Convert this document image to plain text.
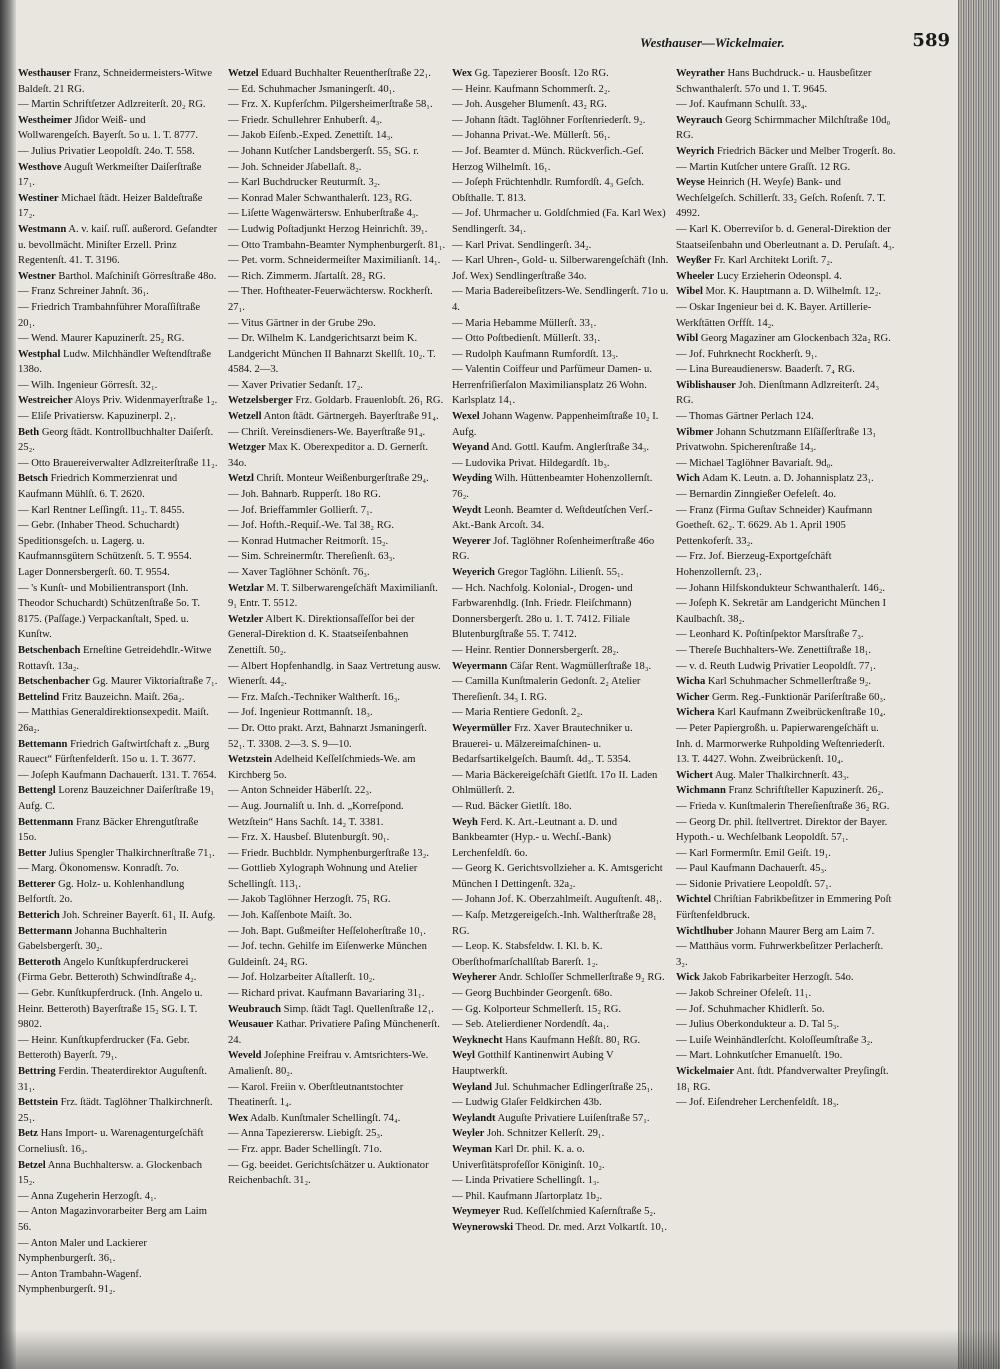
Westhauser—Wickelmaier.	589

Westhauser Franz, Schneidermeisters-Witwe Baldeſt. 21 RG.

— Martin Schriftſetzer Adlzreiterſt. 20₂ RG.

Westheimer Jſidor Weiß- und Wollwarengeſch. Bayerſt. 5o u. 1. T. 8777.

— Julius Privatier Leopoldſt. 24o. T. 558.

Westhove Auguſt Werkmeiſter Daiſerſtraße 17₁.

Westiner Michael ſtädt. Heizer Baldeſtraße 17₂.

Westmann A. v. kaiſ. ruſſ. außerord. Geſandter u. bevollmächt. Miniſter Erzell. Prinz Regentenſt. 41. T. 3196.

Westner Barthol. Maſchiniſt Görresſtraße 48o.

— Franz Schreiner Jahnſt. 36₁.

— Friedrich Trambahnführer Moraſſiſtraße 20₁.

— Wend. Maurer Kapuzinerſt. 25₂ RG.

Westphal Ludw. Milchhändler Weſtendſtraße 138o.

— Wilh. Ingenieur Görresſt. 32₁.

Westreicher Aloys Priv. Widenmayerſtraße 1₂.

— Eliſe Privatiersw. Kapuzinerpl. 2₁.

Beth Georg ſtädt. Kontrollbuchhalter Daiſerſt. 25₂.

— Otto Brauereiverwalter Adlzreiterſtraße 11₂.

Betsch Friedrich Kommerzienrat und Kaufmann Mühlſt. 6. T. 2620.

— Karl Rentner Leſſingſt. 11₂. T. 8455.

— Gebr. (Inhaber Theod. Schuchardt) Speditionsgeſch. u. Lagerg. u. Kaufmannsgütern Schützenſt. 5. T. 9554.

Lager Donnersbergerſt. 60. T. 9554.

— 's Kunſt- und Mobilientransport (Inh. Theodor Schuchardt) Schützenſtraße 5o. T. 8175. (Paſſage.) Verpackanſtalt, Sped. u. Kunſtw.

Betschenbach Erneſtine Getreidehdlr.-Witwe Rottavſt. 13a₂.

Betschenbacher Gg. Maurer Viktoriaſtraße 7₁.

Bettelind Fritz Bauzeichn. Maiſt. 26a₂.

— Matthias Generaldirektionsexpedit. Maiſt. 26a₂.

Bettemann Friedrich Gaſtwirtſchaft z. „Burg Rauect“ Fürſtenfelderſt. 15o u. 1. T. 3677.

— Joſeph Kaufmann Dachauerſt. 131. T. 7654.

Bettengl Lorenz Bauzeichner Daiſerſtraße 19₁ Aufg. C.

Bettenmann Franz Bäcker Ehrengutſtraße 15o.

Better Julius Spengler Thalkirchnerſtraße 71₁.

— Marg. Ökonomensw. Konradſt. 7o.

Betterer Gg. Holz- u. Kohlenhandlung Belfortſt. 2o.

Betterich Joh. Schreiner Bayerſt. 61₁ II. Aufg.

Bettermann Johanna Buchhalterin Gabelsbergerſt. 30₂.

Betteroth Angelo Kunſtkupferdruckerei (Firma Gebr. Betteroth) Schwindſtraße 4₂.

— Gebr. Kunſtkupferdruck. (Inh. Angelo u. Heinr. Betteroth) Bayerſtraße 15₂ SG. I. T. 9802.

— Heinr. Kunſtkupferdrucker (Fa. Gebr. Betteroth) Bayerſt. 79₁.

Bettring Ferdin. Theaterdirektor Auguſtenſt. 31₁.

Bettstein Frz. ſtädt. Taglöhner Thalkirchnerſt. 25₁.

Betz Hans Import- u. Warenagenturgeſchäft Corneliusſt. 16₃.

Betzel Anna Buchhaltersw. a. Glockenbach 15₂.

— Anna Zugeherin Herzogſt. 4₁.

— Anton Magazinvorarbeiter Berg am Laim 56.

— Anton Maler und Lackierer Nymphenburgerſt. 36₁.

— Anton Trambahn-Wagenf. Nymphenburgerſt. 91₂.

Wetzel Eduard Buchhalter Reuentherſtraße 22₁.

— Ed. Schuhmacher Jsmaningerſt. 40₁.

— Frz. X. Kupferſchm. Pilgersheimerſtraße 58₁.

— Friedr. Schullehrer Enhuberſt. 4₃.

— Jakob Eiſenb.-Exped. Zenettiſt. 14₃.

— Johann Kutſcher Landsbergerſt. 55₁ SG. r.

— Joh. Schneider Jſabellaſt. 8₂.

— Karl Buchdrucker Reuturmſt. 3₂.

— Konrad Maler Schwanthalerſt. 123₃ RG.

— Liſette Wagenwärtersw. Enhuberſtraße 4₃.

— Ludwig Poſtadjunkt Herzog Heinrichſt. 39₁.

— Otto Trambahn-Beamter Nymphenburgerſt. 81₁.

— Pet. vorm. Schneidermeiſter Maximilianſt. 14₁.

— Rich. Zimmerm. Jſartalſt. 28₂ RG.

— Ther. Hoftheater-Feuerwächtersw. Rockherſt. 27₁.

— Vitus Gärtner in der Grube 29o.

— Dr. Wilhelm K. Landgerichtsarzt beim K. Landgericht München II Bahnarzt Skellſt. 10₂. T. 4584. 2—3.

— Xaver Privatier Sedanſt. 17₂.

Wetzelsberger Frz. Goldarb. Frauenlobſt. 26₁ RG.

Wetzell Anton ſtädt. Gärtnergeh. Bayerſtraße 91₄.

— Chriſt. Vereinsdieners-We. Bayerſtraße 91₄.

Wetzger Max K. Oberexpeditor a. D. Gernerſt. 34o.

Wetzl Chriſt. Monteur Weißenburgerſtraße 29₄.

— Joh. Bahnarb. Rupperſt. 18o RG.

— Jof. Brieffammler Gollierſt. 7₁.

— Jof. Hofth.-Requiſ.-We. Tal 38₂ RG.

— Konrad Hutmacher Reitmorſt. 15₂.

— Sim. Schreinermſtr. Thereſienſt. 63₃.

— Xaver Taglöhner Schönſt. 76₃.

Wetzlar M. T. Silberwarengeſchäft Maximilianſt. 9₁ Entr. T. 5512.

Wetzler Albert K. Direktionsaſſeſſor bei der General-Direktion d. K. Staatseiſenbahnen Zenettiſt. 50₂.

— Albert Hopfenhandlg. in Saaz Vertretung ausw. Wienerſt. 44₂.

— Frz. Maſch.-Techniker Waltherſt. 16₃.

— Jof. Ingenieur Rottmannſt. 18₃.

— Dr. Otto prakt. Arzt, Bahnarzt Jsmaningerſt. 52₁. T. 3308. 2—3. S. 9—10.

Wetzstein Adelheid Keſſelſchmieds-We. am Kirchberg 5o.

— Anton Schneider Häberlſt. 22₃.

— Aug. Journaliſt u. Inh. d. „Korreſpond. Wetzſtein“ Hans Sachſt. 14₂ T. 3381.

— Frz. X. Hausbeſ. Blutenburgſt. 90₁.

— Friedr. Buchbldr. Nymphenburgerſtraße 13₂.

— Gottlieb Xylograph Wohnung und Atelier Schellingſt. 113₁.

— Jakob Taglöhner Herzogſt. 75₁ RG.

— Joh. Kaſſenbote Maiſt. 3o.

— Joh. Bapt. Gußmeiſter Heſſeloherſtraße 10₁.

— Jof. techn. Gehilfe im Eiſenwerke München Guldeinſt. 24₂ RG.

— Jof. Holzarbeiter Aſtallerſt. 10₂.

— Richard privat. Kaufmann Bavariaring 31₁.

Weubrauch Simp. ſtädt Tagl. Quellenſtraße 12₁.

Weusauer Kathar. Privatiere Paſing Münchenerſt. 24.

Weveld Joſephine Freifrau v. Amtsrichters-We. Amalienſt. 80₂.

— Karol. Freiin v. Oberſtleutnantstochter Theatinerſt. 1₄.

Wex Adalb. Kunſtmaler Schellingſt. 74₄.

— Anna Tapezierersw. Liebigſt. 25₃.

— Frz. appr. Bader Schellingſt. 71o.

— Gg. beeidet. Gerichtsſchätzer u. Auktionator Reichenbachſt. 31₂.

Wex Gg. Tapezierer Boosſt. 12o RG.

— Heinr. Kaufmann Schommerſt. 2₂.

— Joh. Ausgeher Blumenſt. 43₂ RG.

— Johann ſtädt. Taglöhner Forſtenriederſt. 9₂.

— Johanna Privat.-We. Müllerſt. 56₁.

— Jof. Beamter d. Münch. Rückverſich.-Geſ. Herzog Wilhelmſt. 16₁.

— Joſeph Früchtenhdlr. Rumfordſt. 4₃ Geſch. Obſthalle. T. 813.

— Jof. Uhrmacher u. Goldſchmied (Fa. Karl Wex) Sendlingerſt. 34₁.

— Karl Privat. Sendlingerſt. 34₂.

— Karl Uhren-, Gold- u. Silberwarengeſchäft (Inh. Jof. Wex) Sendlingerſtraße 34o.

— Maria Badereibeſitzers-We. Sendlingerſt. 71o u. 4.

— Maria Hebamme Müllerſt. 33₁.

— Otto Poſtbedienſt. Müllerſt. 33₁.

— Rudolph Kaufmann Rumfordſt. 13₃.

— Valentin Coiffeur und Parfümeur Damen- u. Herrenfriſierſalon Maximiliansplatz 26 Wohn. Karlsplatz 14₁.

Wexel Johann Wagenw. Pappenheimſtraße 10₂ I. Aufg.

Weyand And. Gottl. Kaufm. Anglerſtraße 34₃.

— Ludovika Privat. Hildegardſt. 1b₃.

Weyding Wilh. Hüttenbeamter Hohenzollernſt. 76₂.

Weydt Leonh. Beamter d. Weſtdeutſchen Verſ.-Akt.-Bank Arcoſt. 34.

Weyerer Jof. Taglöhner Roſenheimerſtraße 46o RG.

Weyerich Gregor Taglöhn. Lilienſt. 55₁.

— Hch. Nachfolg. Kolonial-, Drogen- und Farbwarenhdlg. (Inh. Friedr. Fleiſchmann) Donnersbergerſt. 28o u. 1. T. 7412. Filiale Blutenburgſtraße 55. T. 7412.

— Heinr. Rentier Donnersbergerſt. 28₂.

Weyermann Cäſar Rent. Wagmüllerſtraße 18₃.

— Camilla Kunſtmalerin Gedonſt. 2₂ Atelier Thereſienſt. 34₃ I. RG.

— Maria Rentiere Gedonſt. 2₂.

Weyermüller Frz. Xaver Brautechniker u. Brauerei- u. Mälzereimaſchinen- u. Bedarfsartikelgeſch. Baumſt. 4d₃. T. 5354.

— Maria Bäckereigeſchäft Gietlſt. 17o II. Laden Ohlmüllerſt. 2.

— Rud. Bäcker Gietlſt. 18o.

Weyh Ferd. K. Art.-Leutnant a. D. und Bankbeamter (Hyp.- u. Wechſ.-Bank) Lerchenfeldſt. 6o.

— Georg K. Gerichtsvollzieher a. K. Amtsgericht München I Dettingenſt. 32a₂.

— Johann Jof. K. Oberzahlmeiſt. Auguſtenſt. 48₁.

— Kaſp. Metzgereigeſch.-Inh. Waltherſtraße 28₁ RG.

— Leop. K. Stabsfeldw. I. Kl. b. K. Oberſthofmarſchallſtab Barerſt. 1₂.

Weyherer Andr. Schloſſer Schmellerſtraße 9₂ RG.

— Georg Buchbinder Georgenſt. 68o.

— Gg. Kolporteur Schmellerſt. 15₂ RG.

— Seb. Atelierdiener Nordendſt. 4a₁.

Weyknecht Hans Kaufmann Heßſt. 80₁ RG.

Weyl Gotthilf Kantinenwirt Aubing V Hauptwerkſt.

Weyland Jul. Schuhmacher Edlingerſtraße 25₁.

— Ludwig Glaſer Feldkirchen 43b.

Weylandt Auguſte Privatiere Luiſenſtraße 57₁.

Weyler Joh. Schnitzer Kellerſt. 29₁.

Weyman Karl Dr. phil. K. a. o. Univerſitätsprofeſſor Königinſt. 10₂.

— Linda Privatiere Schellingſt. 1₃.

— Phil. Kaufmann Jſartorplatz 1b₂.

Weymeyer Rud. Keſſelſchmied Kaſernſtraße 5₂.

Weynerowski Theod. Dr. med. Arzt Volkartſt. 10₁.

Weyrather Hans Buchdruck.- u. Hausbeſitzer Schwanthalerſt. 57o und 1. T. 9645.

— Jof. Kaufmann Schulſt. 33₄.

Weyrauch Georg Schirmmacher Milchſtraße 10d₀ RG.

Weyrich Friedrich Bäcker und Melber Trogerſt. 8o.

— Martin Kutſcher untere Graſſt. 12 RG.

Weyse Heinrich (H. Weyſe) Bank- und Wechſelgeſch. Schillerſt. 33₂ Geſch. Roſenſt. 7. T. 4992.

— Karl K. Oberreviſor b. d. General-Direktion der Staatseiſenbahn und Oberleutnant a. D. Peruſaſt. 4₃.

Weyßer Fr. Karl Architekt Loriſt. 7₂.

Wheeler Lucy Erzieherin Odeonspl. 4.

Wibel Mor. K. Hauptmann a. D. Wilhelmſt. 12₂.

— Oskar Ingenieur bei d. K. Bayer. Artillerie-Werkſtätten Orffſt. 14₂.

Wibl Georg Magaziner am Glockenbach 32a₂ RG.

— Jof. Fuhrknecht Rockherſt. 9₁.

— Lina Bureaudienersw. Baaderſt. 7₄ RG.

Wiblishauser Joh. Dienſtmann Adlzreiterſt. 24₃ RG.

— Thomas Gärtner Perlach 124.

Wibmer Johann Schutzmann Elſäſſerſtraße 13₁ Privatwohn. Spicherenſtraße 14₃.

— Michael Taglöhner Bavariaſt. 9d₀.

Wich Adam K. Leutn. a. D. Johannisplatz 23₁.

— Bernardin Zinngießer Oefeleſt. 4o.

— Franz (Firma Guſtav Schneider) Kaufmann Goetheſt. 62₂. T. 6629. Ab 1. April 1905 Pettenkoferſt. 33₂.

— Frz. Jof. Bierzeug-Exportgeſchäft Hohenzollernſt. 23₁.

— Johann Hilfskondukteur Schwanthalerſt. 146₂.

— Joſeph K. Sekretär am Landgericht München I Kaulbachſt. 38₂.

— Leonhard K. Poſtinſpektor Marsſtraße 7₃.

— Thereſe Buchhalters-We. Zenettiſtraße 18₁.

— v. d. Reuth Ludwig Privatier Leopoldſt. 77₁.

Wicha Karl Schuhmacher Schmellerſtraße 9₂.

Wicher Germ. Reg.-Funktionär Pariſerſtraße 60₃.

Wichera Karl Kaufmann Zweibrückenſtraße 10₄.

— Peter Papiergroßh. u. Papierwarengeſchäft u. Inh. d. Marmorwerke Ruhpolding Weſtenriederſt. 13. T. 4427. Wohn. Zweibrückenſt. 10₄.

Wichert Aug. Maler Thalkirchnerſt. 43₃.

Wichmann Franz Schriftſteller Kapuzinerſt. 26₂.

— Frieda v. Kunſtmalerin Thereſienſtraße 36₂ RG.

— Georg Dr. phil. ſtellvertret. Direktor der Bayer. Hypoth.- u. Wechſelbank Leopoldſt. 57₁.

— Karl Formermſtr. Emil Geiſt. 19₁.

— Paul Kaufmann Dachauerſt. 45₃.

— Sidonie Privatiere Leopoldſt. 57₁.

Wichtel Chriſtian Fabrikbeſitzer in Emmering Poſt Fürſtenfeldbruck.

Wichtlhuber Johann Maurer Berg am Laim 7.

— Matthäus vorm. Fuhrwerkbeſitzer Perlacherſt. 3₂.

Wick Jakob Fabrikarbeiter Herzogſt. 54o.

— Jakob Schreiner Ofeleſt. 11₁.

— Jof. Schuhmacher Khidlerſt. 5o.

— Julius Oberkondukteur a. D. Tal 5₃.

— Luiſe Weinhändlerſcht. Koloſſeumſtraße 3₂.

— Mart. Lohnkutſcher Emanuelſt. 19o.

Wickelmaier Ant. ſtdt. Pfandverwalter Preyſingſt. 18₁ RG.

— Jof. Eiſendreher Lerchenfeldſt. 18₃.
